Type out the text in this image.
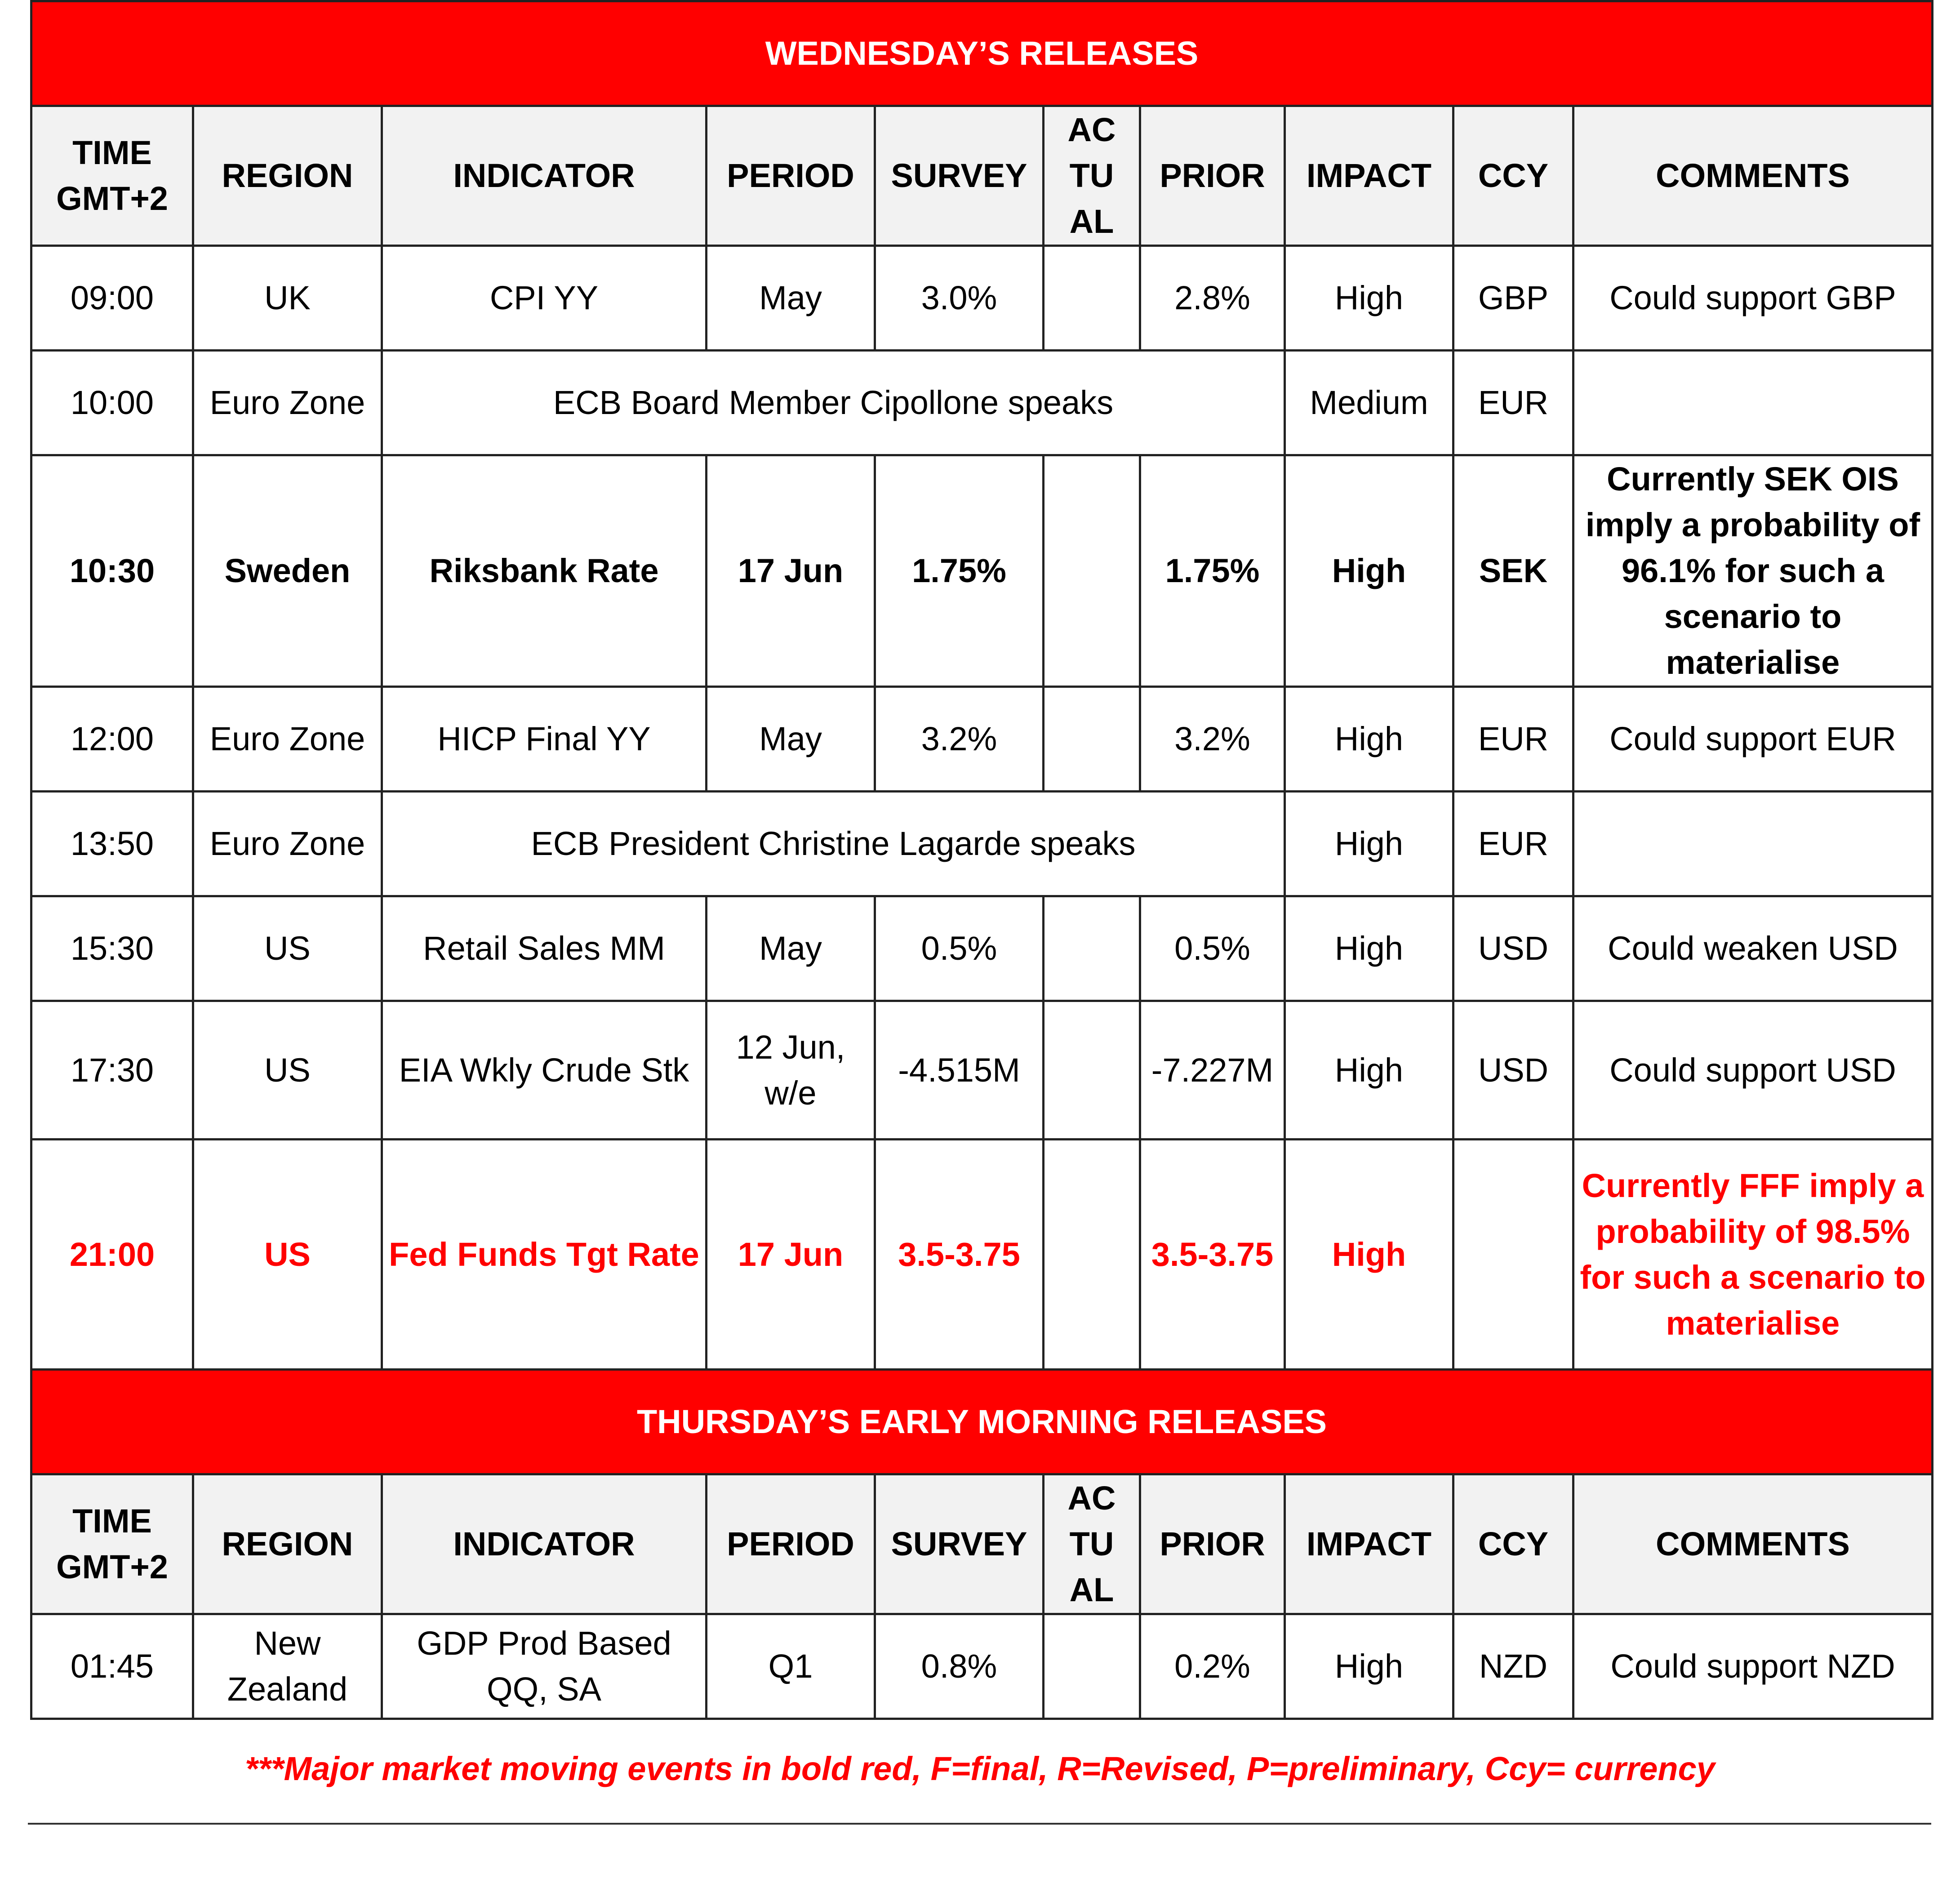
WEDNESDAY’S RELEASES									
TIME GMT+2	REGION	INDICATOR	PERIOD	SURVEY	AC TU AL	PRIOR	IMPACT	CCY	COMMENTS
09:00	UK	CPI YY	May	3.0%		2.8%	High	GBP	Could support GBP
10:00	Euro Zone	ECB Board Member Cipollone speaks					Medium	EUR	
10:30	Sweden	Riksbank Rate	17 Jun	1.75%		1.75%	High	SEK	Currently SEK OIS imply a probability of 96.1% for such a scenario to materialise
12:00	Euro Zone	HICP Final YY	May	3.2%		3.2%	High	EUR	Could support EUR
13:50	Euro Zone	ECB President Christine Lagarde speaks					High	EUR	
15:30	US	Retail Sales MM	May	0.5%		0.5%	High	USD	Could weaken USD
17:30	US	EIA Wkly Crude Stk	12 Jun, w/e	-4.515M		-7.227M	High	USD	Could support USD
21:00	US	Fed Funds Tgt Rate	17 Jun	3.5-3.75		3.5-3.75	High		Currently FFF imply a probability of 98.5% for such a scenario to materialise
THURSDAY’S EARLY MORNING RELEASES									
TIME GMT+2	REGION	INDICATOR	PERIOD	SURVEY	AC TU AL	PRIOR	IMPACT	CCY	COMMENTS
01:45	New Zealand	GDP Prod Based QQ, SA	Q1	0.8%		0.2%	High	NZD	Could support NZD
***Major market moving events in bold red, F=final, R=Revised, P=preliminary, Ccy= currency
